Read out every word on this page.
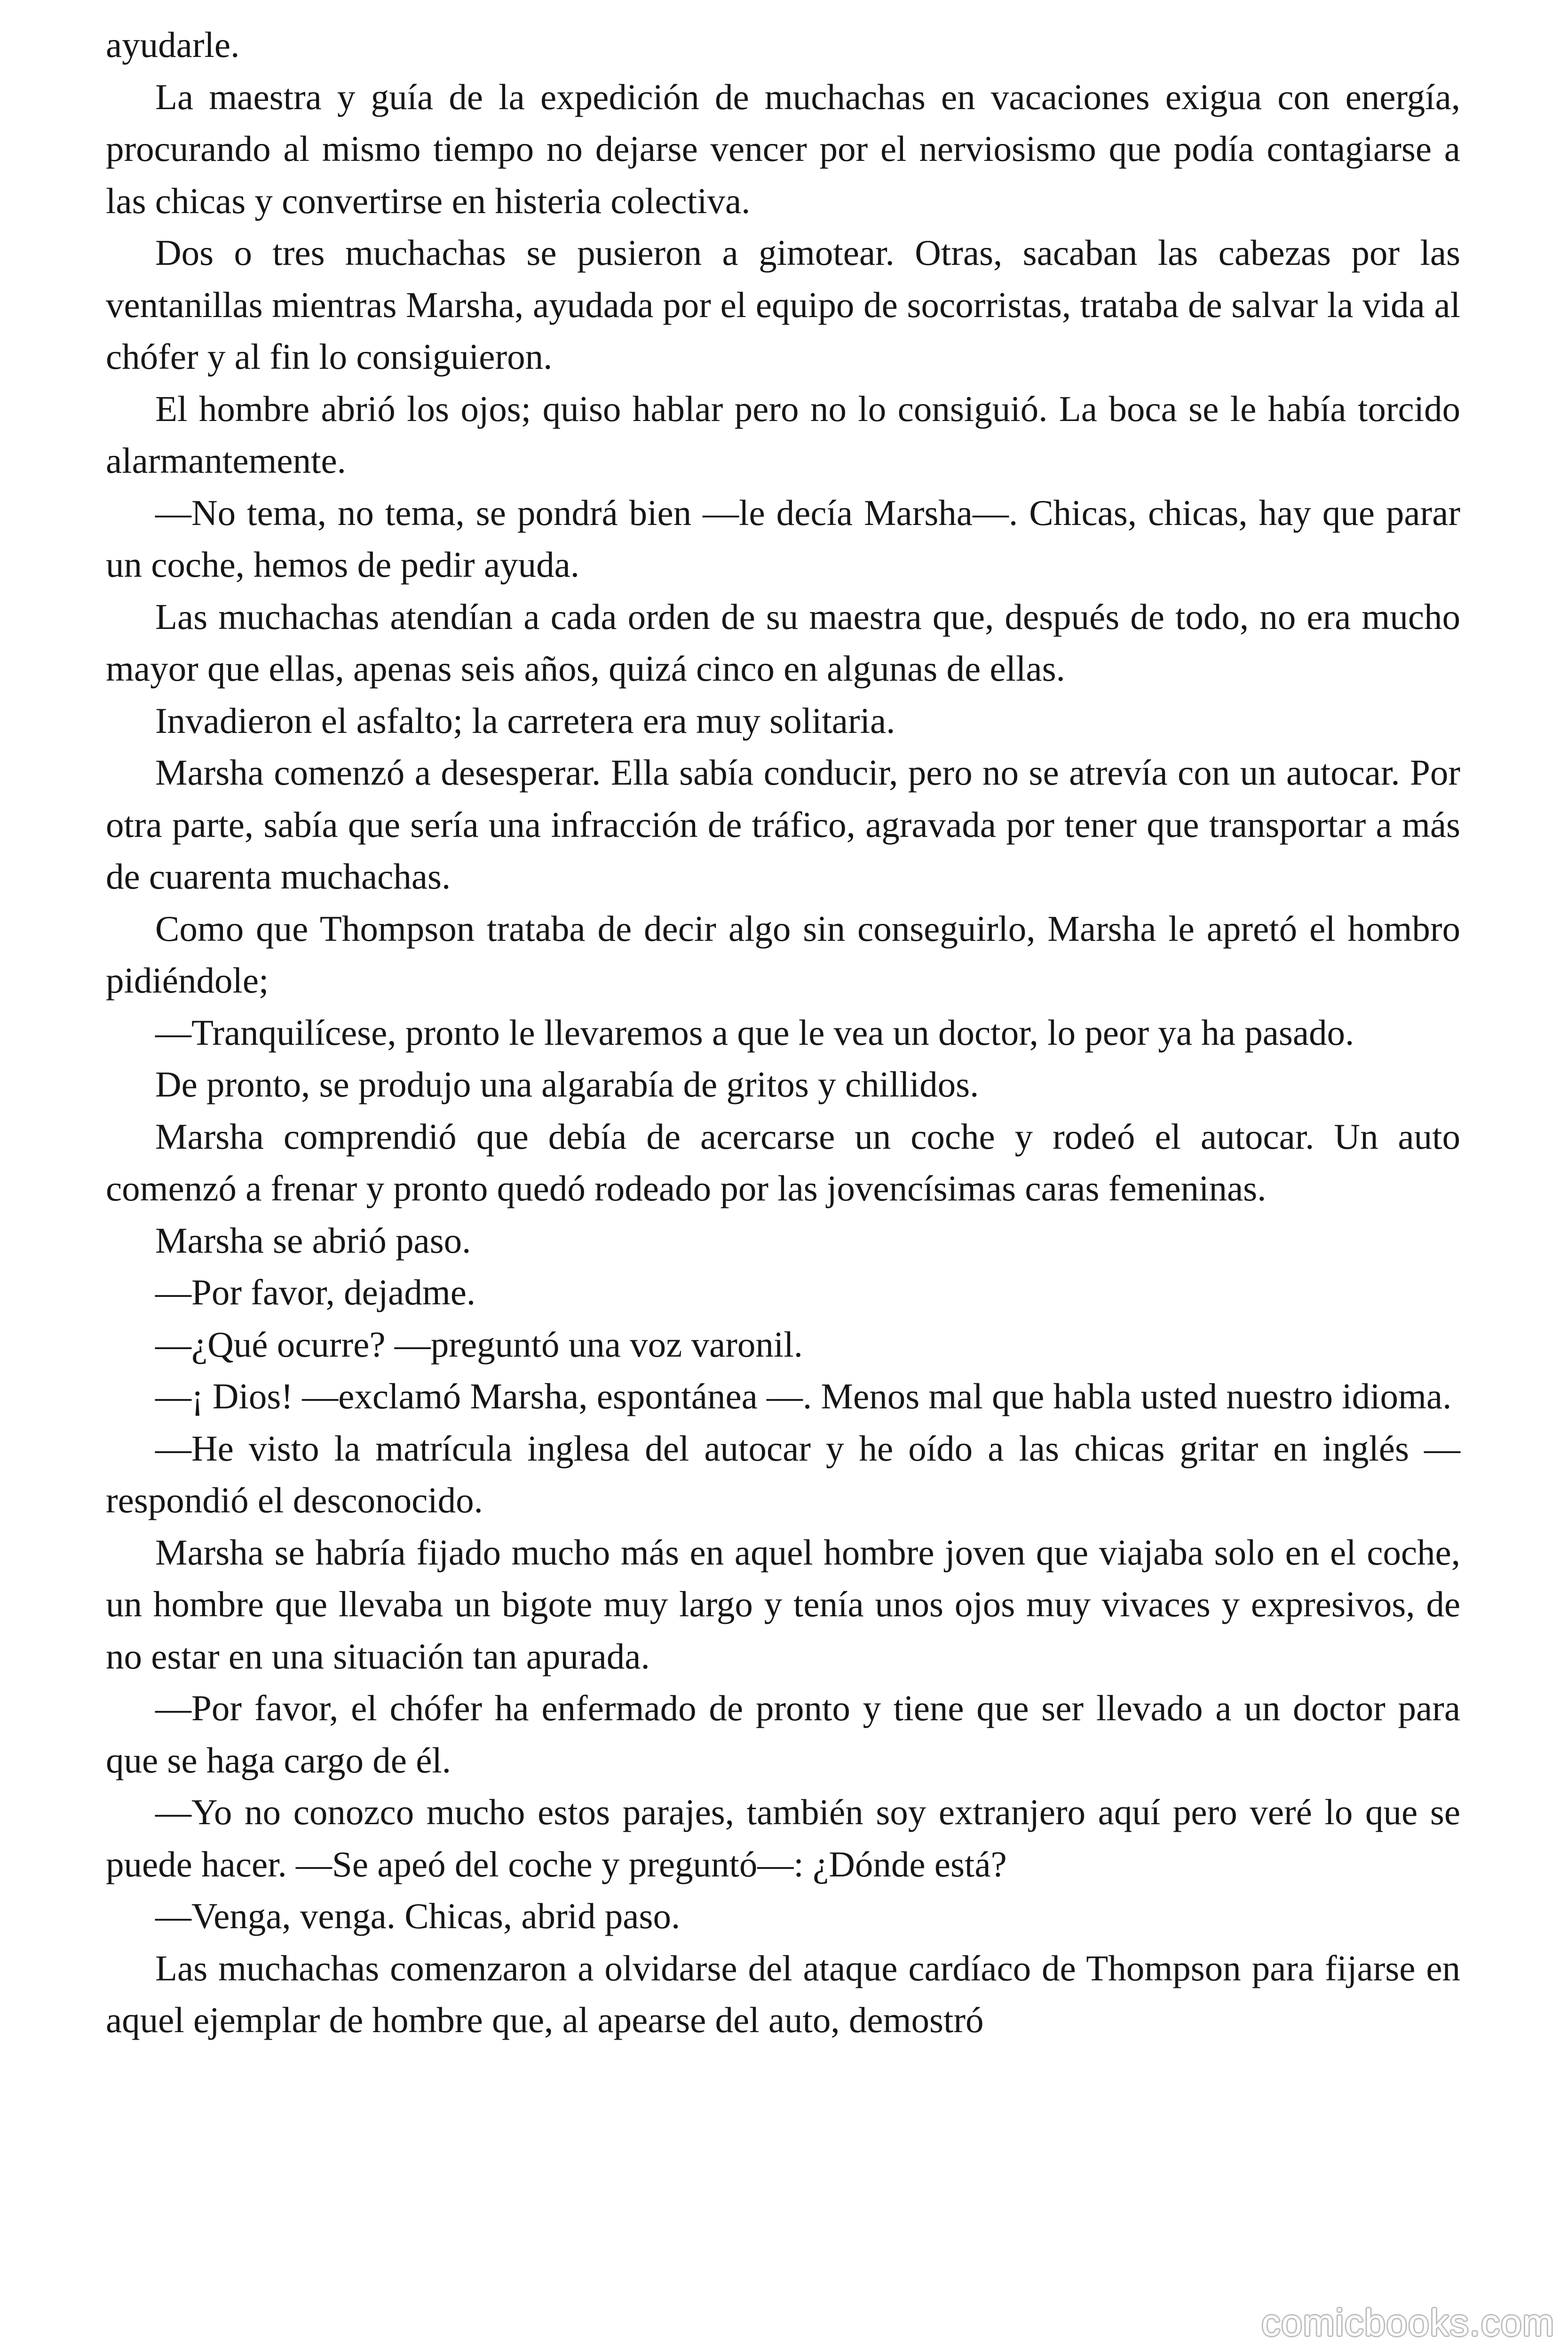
ayudarle.

La maestra y guía de la expedición de muchachas en vacaciones exigua con energía, procurando al mismo tiempo no dejarse vencer por el nerviosismo que podía contagiarse a las chicas y convertirse en histeria colectiva.

Dos o tres muchachas se pusieron a gimotear. Otras, sacaban las cabezas por las ventanillas mientras Marsha, ayudada por el equipo de socorristas, trataba de salvar la vida al chófer y al fin lo consiguieron.

El hombre abrió los ojos; quiso hablar pero no lo consiguió. La boca se le había torcido alarmantemente.

—No tema, no tema, se pondrá bien —le decía Marsha—. Chicas, chicas, hay que parar un coche, hemos de pedir ayuda.

Las muchachas atendían a cada orden de su maestra que, después de todo, no era mucho mayor que ellas, apenas seis años, quizá cinco en algunas de ellas.

Invadieron el asfalto; la carretera era muy solitaria.

Marsha comenzó a desesperar. Ella sabía conducir, pero no se atrevía con un autocar. Por otra parte, sabía que sería una infracción de tráfico, agravada por tener que transportar a más de cuarenta muchachas.

Como que Thompson trataba de decir algo sin conseguirlo, Marsha le apretó el hombro pidiéndole;

—Tranquilícese, pronto le llevaremos a que le vea un doctor, lo peor ya ha pasado.

De pronto, se produjo una algarabía de gritos y chillidos.

Marsha comprendió que debía de acercarse un coche y rodeó el autocar. Un auto comenzó a frenar y pronto quedó rodeado por las jovencísimas caras femeninas.

Marsha se abrió paso.

—Por favor, dejadme.

—¿Qué ocurre? —preguntó una voz varonil.

—¡ Dios! —exclamó Marsha, espontánea —. Menos mal que habla usted nuestro idioma.

—He visto la matrícula inglesa del autocar y he oído a las chicas gritar en inglés —respondió el desconocido.

Marsha se habría fijado mucho más en aquel hombre joven que viajaba solo en el coche, un hombre que llevaba un bigote muy largo y tenía unos ojos muy vivaces y expresivos, de no estar en una situación tan apurada.

—Por favor, el chófer ha enfermado de pronto y tiene que ser llevado a un doctor para que se haga cargo de él.

—Yo no conozco mucho estos parajes, también soy extranjero aquí pero veré lo que se puede hacer. —Se apeó del coche y preguntó—: ¿Dónde está?

—Venga, venga. Chicas, abrid paso.

Las muchachas comenzaron a olvidarse del ataque cardíaco de Thompson para fijarse en aquel ejemplar de hombre que, al apearse del auto, demostró

comicbooks.com
